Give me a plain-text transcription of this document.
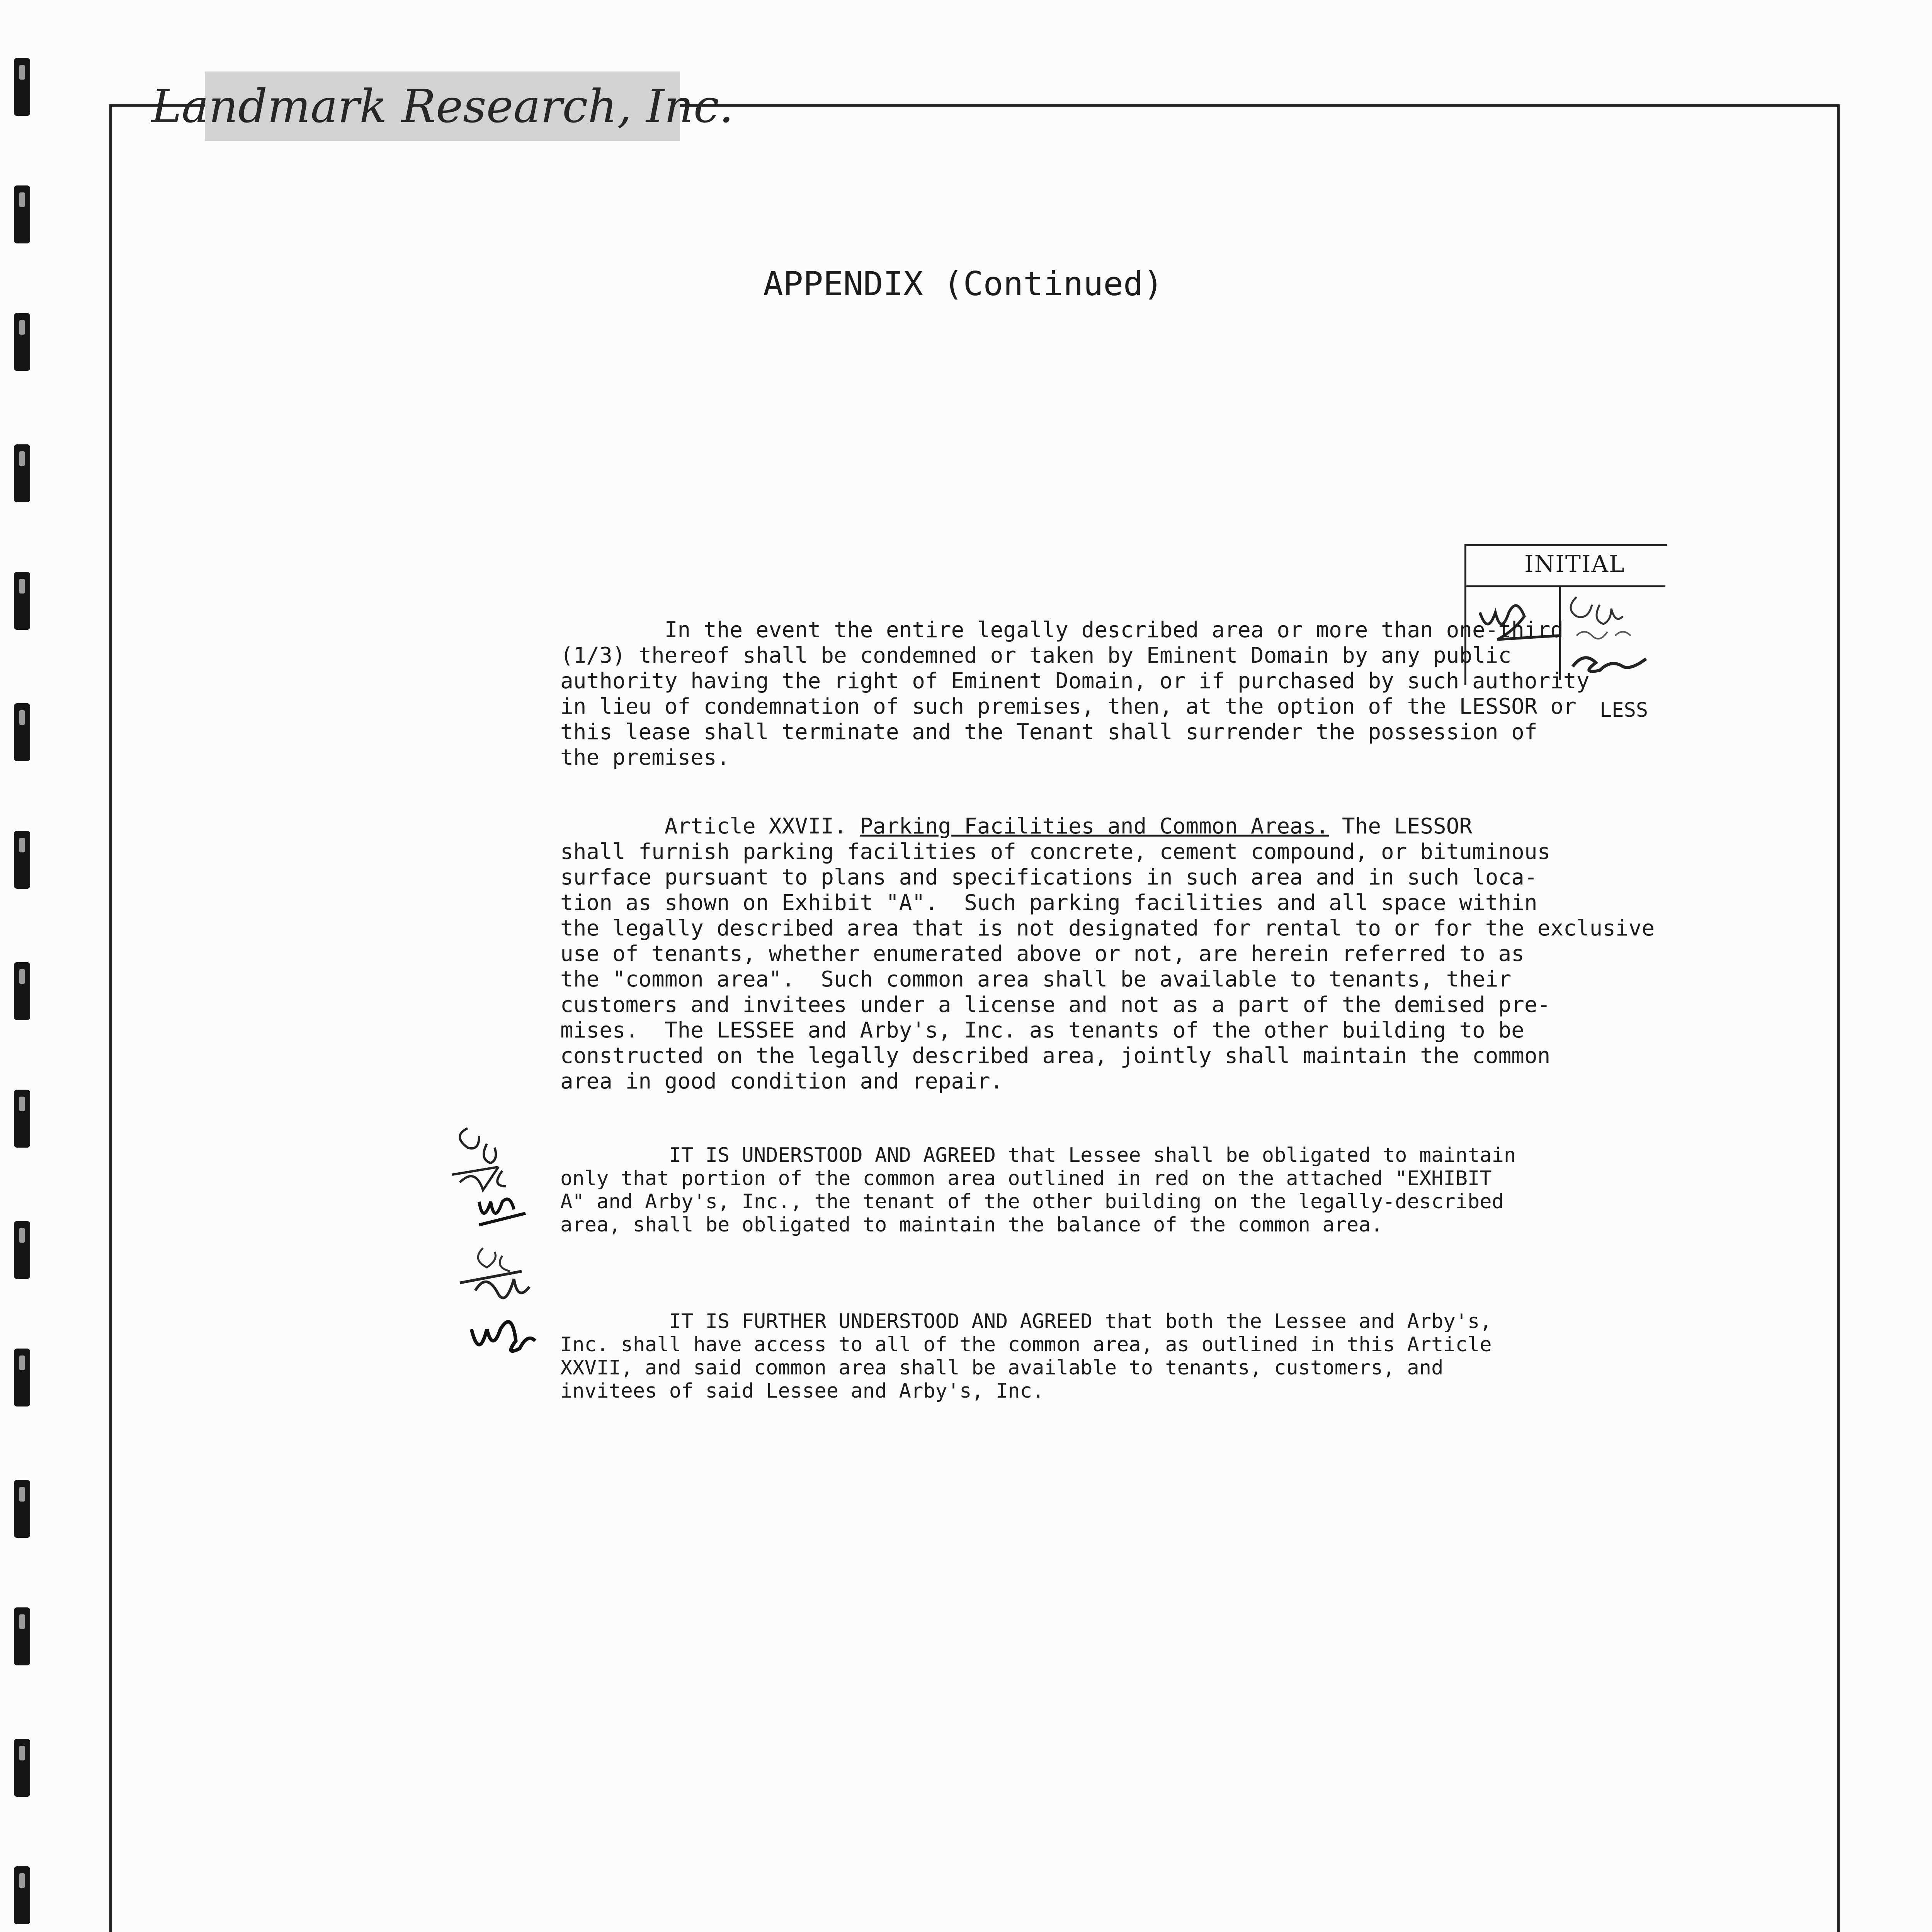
Landmark Research, Inc.
APPENDIX (Continued)
INITIAL
LESS

In the event the entire legally described area or more than one-third

(1/3) thereof shall be condemned or taken by Eminent Domain by any public

authority having the right of Eminent Domain, or if purchased by such authority

in lieu of condemnation of such premises, then, at the option of the LESSOR or

this lease shall terminate and the Tenant shall surrender the possession of

the premises.

Article XXVII. Parking Facilities and Common Areas. The LESSOR

shall furnish parking facilities of concrete, cement compound, or bituminous

surface pursuant to plans and specifications in such area and in such loca-

tion as shown on Exhibit "A".  Such parking facilities and all space within

the legally described area that is not designated for rental to or for the exclusive

use of tenants, whether enumerated above or not, are herein referred to as

the "common area".  Such common area shall be available to tenants, their

customers and invitees under a license and not as a part of the demised pre-

mises.  The LESSEE and Arby's, Inc. as tenants of the other building to be

constructed on the legally described area, jointly shall maintain the common

area in good condition and repair.

IT IS UNDERSTOOD AND AGREED that Lessee shall be obligated to maintain

only that portion of the common area outlined in red on the attached "EXHIBIT

A" and Arby's, Inc., the tenant of the other building on the legally-described

area, shall be obligated to maintain the balance of the common area.

IT IS FURTHER UNDERSTOOD AND AGREED that both the Lessee and Arby's,

Inc. shall have access to all of the common area, as outlined in this Article

XXVII, and said common area shall be available to tenants, customers, and

invitees of said Lessee and Arby's, Inc.
